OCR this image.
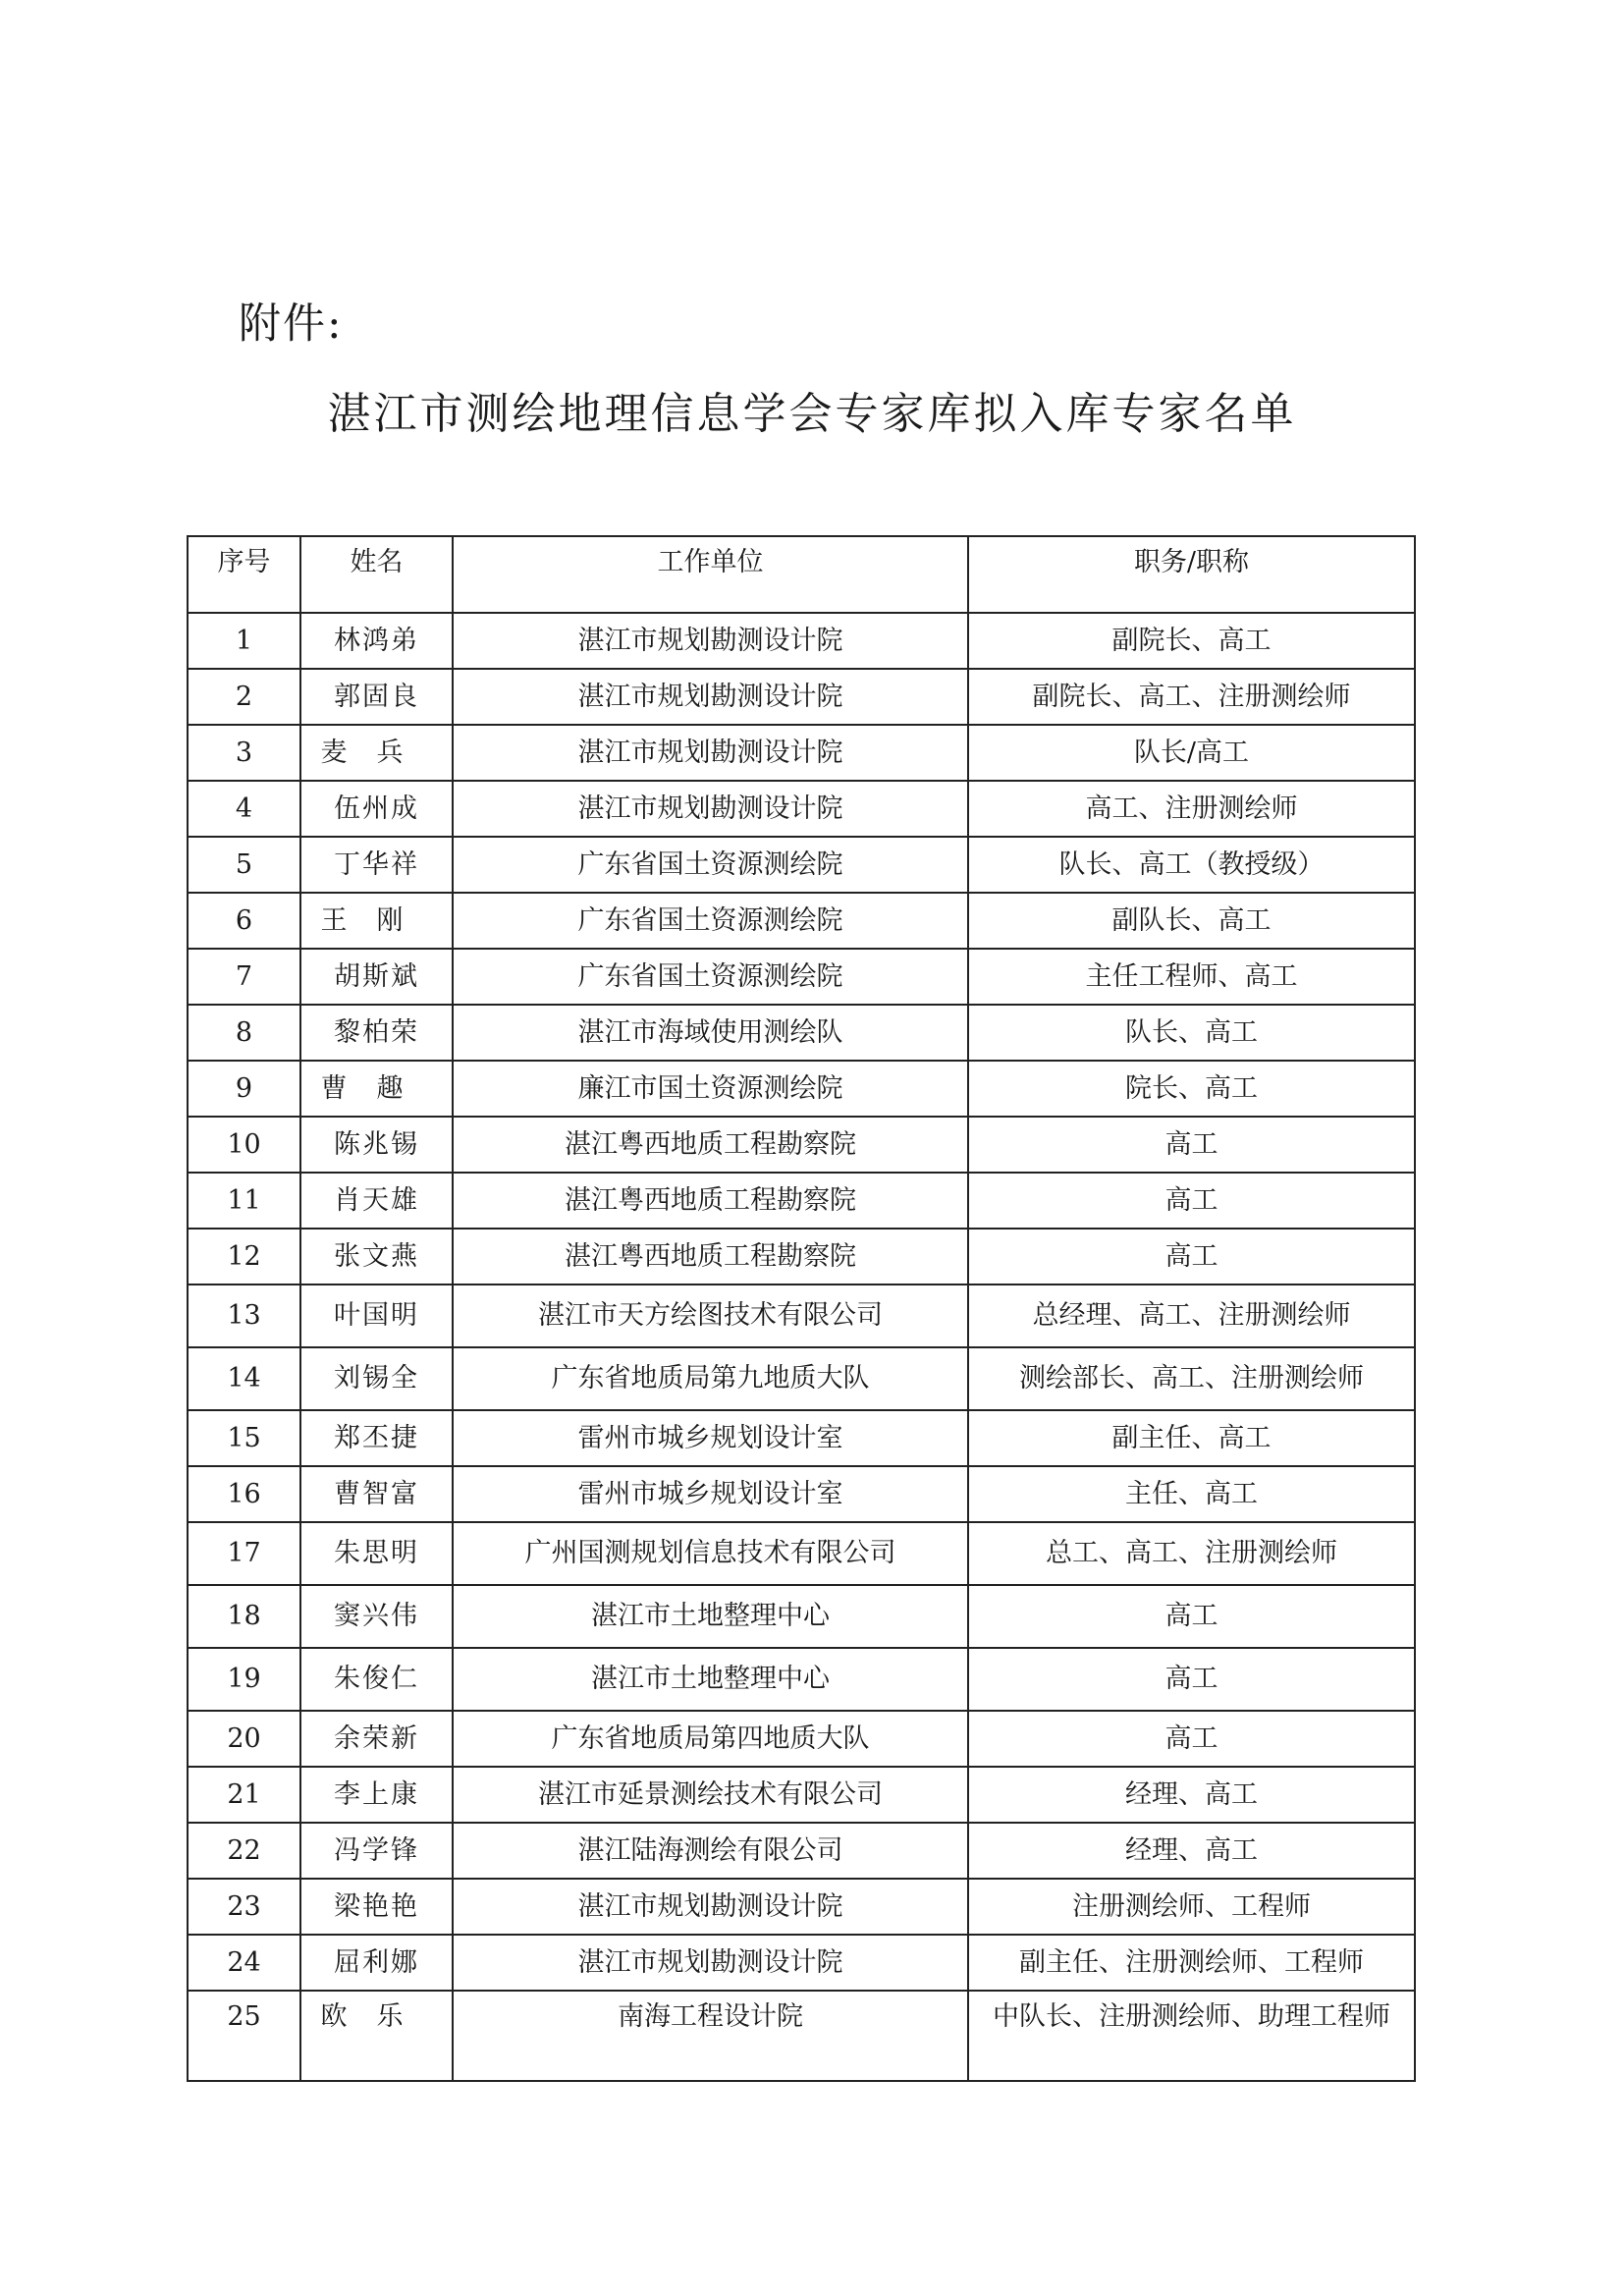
附件:
湛江市测绘地理信息学会专家库拟入库专家名单
序号	姓名	工作单位	职务/职称
1	林鸿弟	湛江市规划勘测设计院	副院长、高工
2	郭固良	湛江市规划勘测设计院	副院长、高工、注册测绘师
3	麦兵	湛江市规划勘测设计院	队长/高工
4	伍州成	湛江市规划勘测设计院	高工、注册测绘师
5	丁华祥	广东省国土资源测绘院	队长、高工（教授级）
6	王刚	广东省国土资源测绘院	副队长、高工
7	胡斯斌	广东省国土资源测绘院	主任工程师、高工
8	黎柏荣	湛江市海域使用测绘队	队长、高工
9	曹趣	廉江市国土资源测绘院	院长、高工
10	陈兆锡	湛江粤西地质工程勘察院	高工
11	肖天雄	湛江粤西地质工程勘察院	高工
12	张文燕	湛江粤西地质工程勘察院	高工
13	叶国明	湛江市天方绘图技术有限公司	总经理、高工、注册测绘师
14	刘锡全	广东省地质局第九地质大队	测绘部长、高工、注册测绘师
15	郑丕捷	雷州市城乡规划设计室	副主任、高工
16	曹智富	雷州市城乡规划设计室	主任、高工
17	朱思明	广州国测规划信息技术有限公司	总工、高工、注册测绘师
18	窦兴伟	湛江市土地整理中心	高工
19	朱俊仁	湛江市土地整理中心	高工
20	余荣新	广东省地质局第四地质大队	高工
21	李上康	湛江市延景测绘技术有限公司	经理、高工
22	冯学锋	湛江陆海测绘有限公司	经理、高工
23	梁艳艳	湛江市规划勘测设计院	注册测绘师、工程师
24	屈利娜	湛江市规划勘测设计院	副主任、注册测绘师、工程师
25	欧乐	南海工程设计院	中队长、注册测绘师、助理工程师
